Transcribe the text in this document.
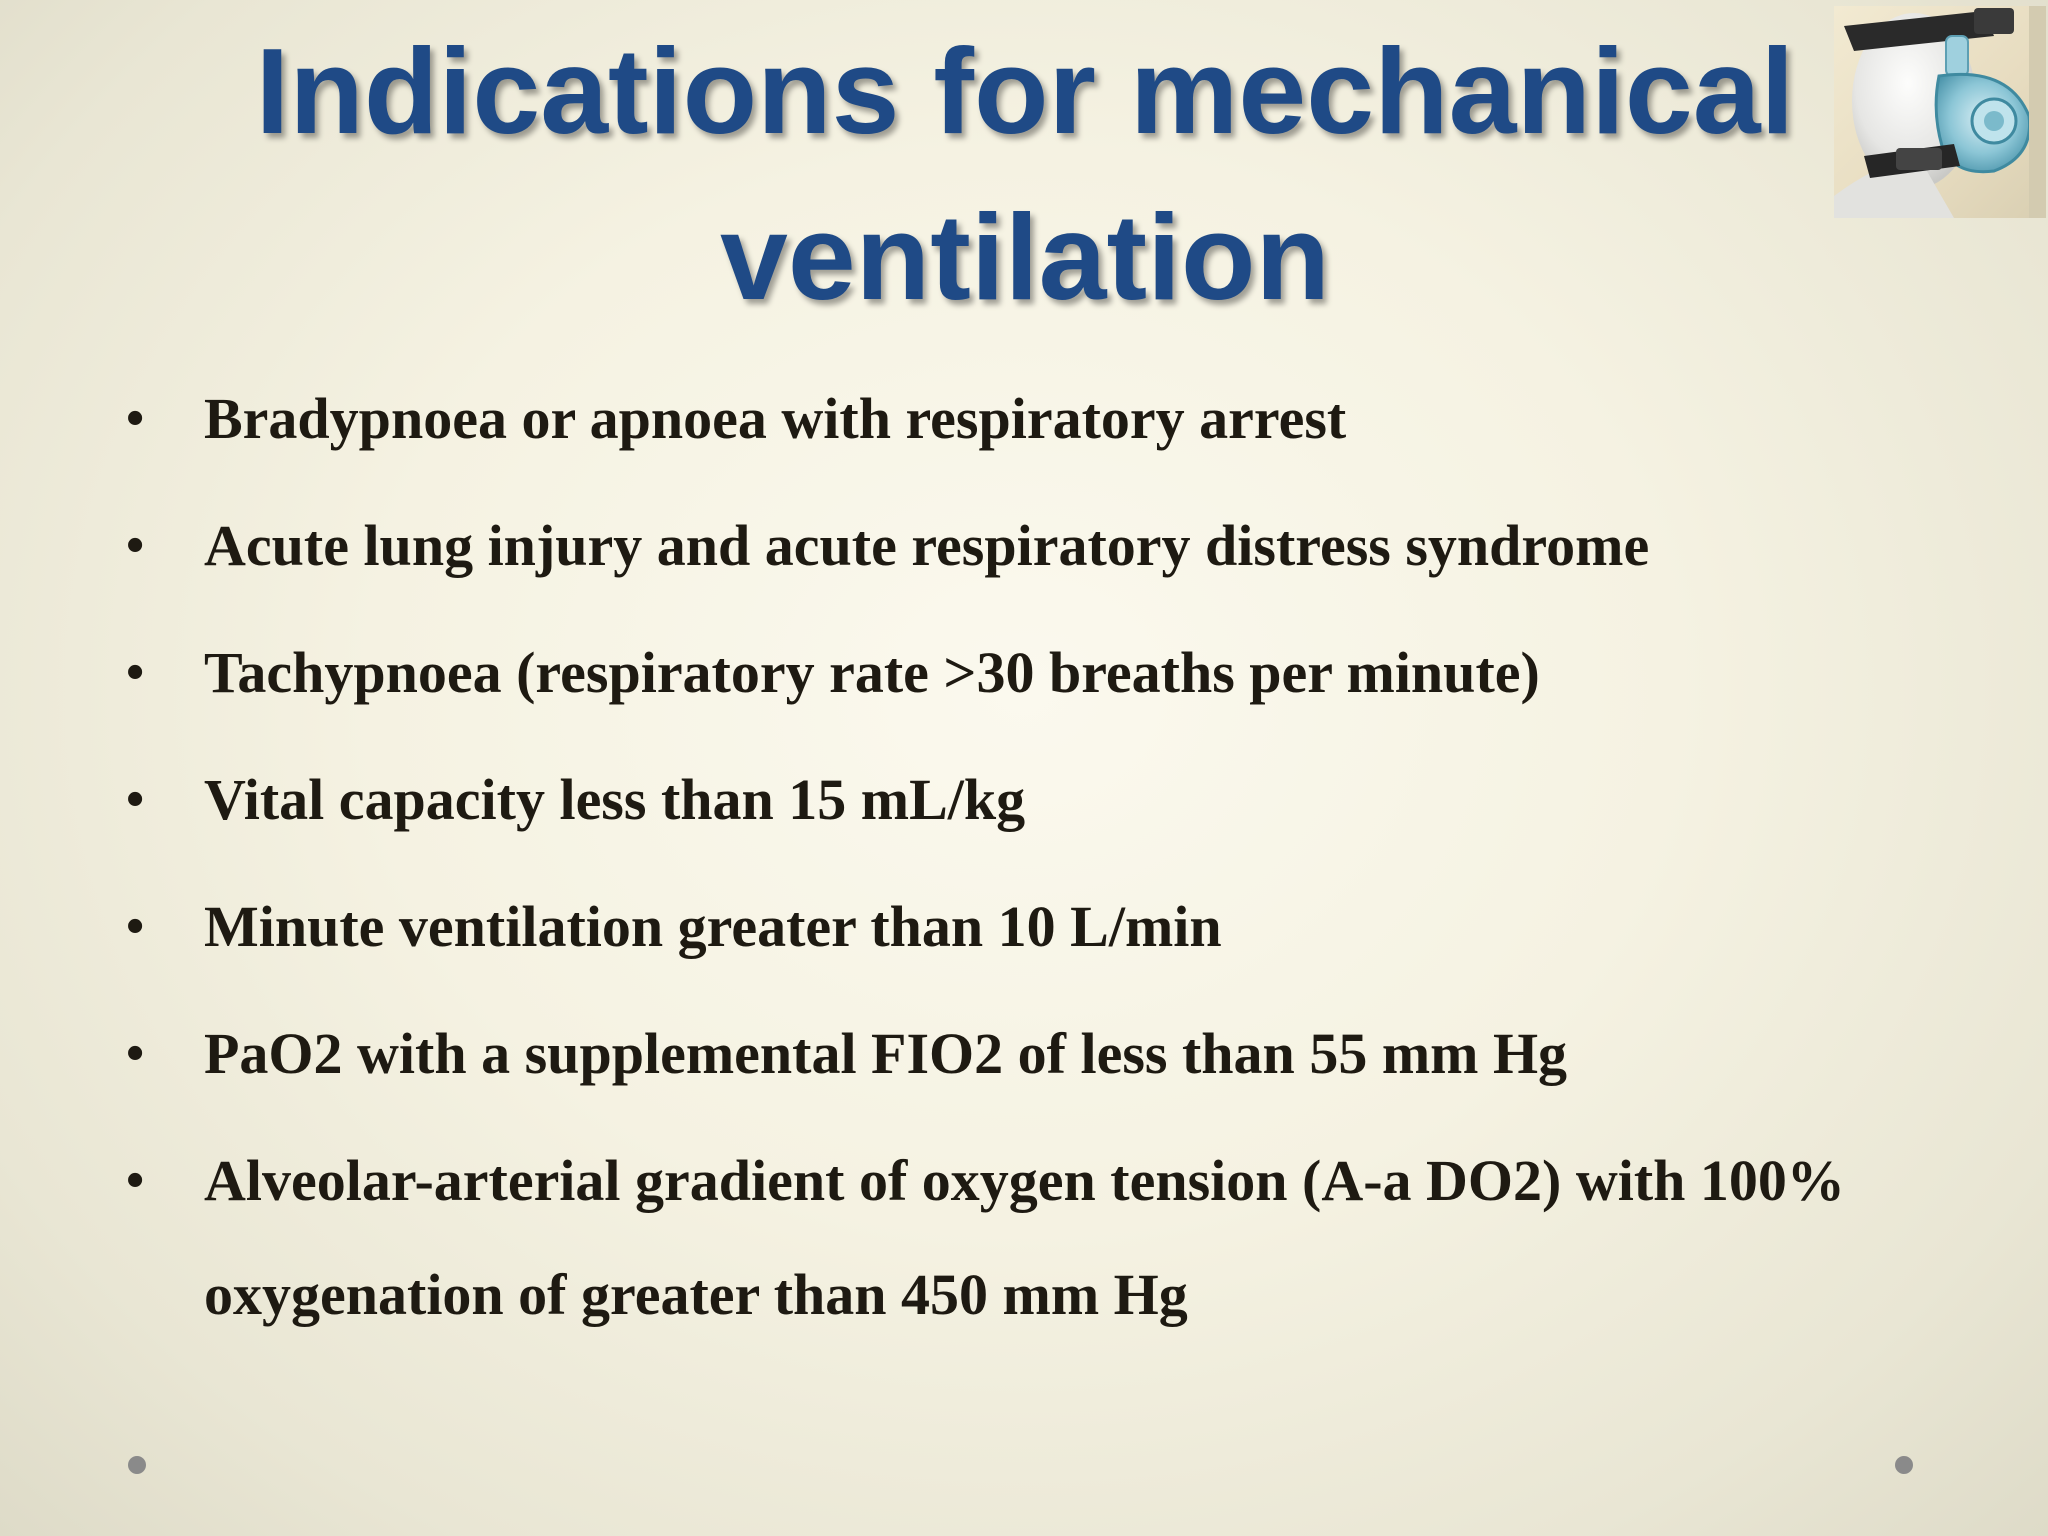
Indications for mechanical
ventilation
• Bradypnoea or apnoea with respiratory arrest
• Acute lung injury and acute respiratory distress syndrome
• Tachypnoea (respiratory rate >30 breaths per minute)
• Vital capacity less than 15 mL/kg
• Minute ventilation greater than 10 L/min
• PaO2 with a supplemental FIO2 of less than 55 mm Hg
• Alveolar-arterial gradient of oxygen tension (A-a DO2) with 100% oxygenation of greater than 450 mm Hg
